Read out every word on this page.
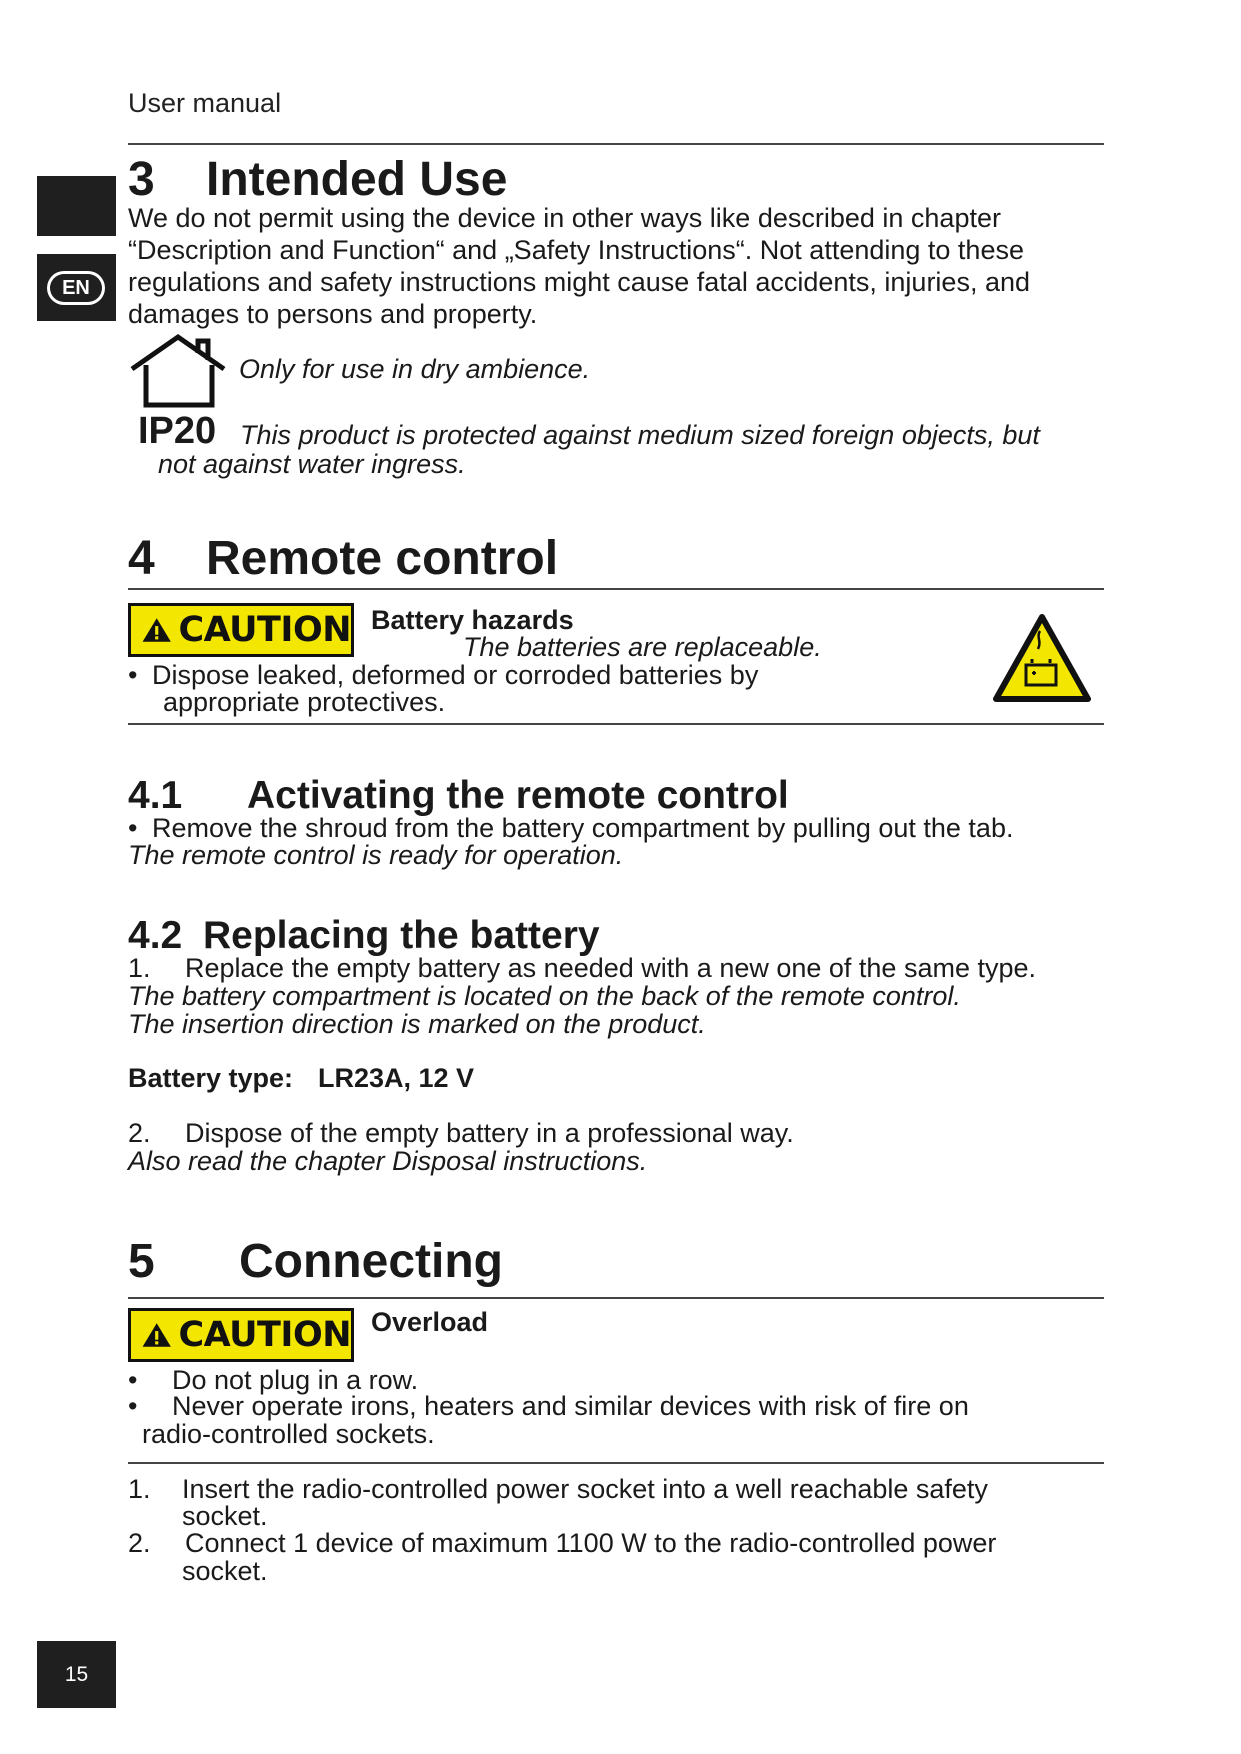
User manual
EN
15
3 Intended Use
We do not permit using the device in other ways like described in chapter
“Description and Function“ and „Safety Instructions“. Not attending to these
regulations and safety instructions might cause fatal accidents, injuries, and
damages to persons and property.
Only for use in dry ambience.
IP20 This product is protected against medium sized foreign objects, but
not against water ingress.
4 Remote control
CAUTION Battery hazards
The batteries are replaceable.
• Dispose leaked, deformed or corroded batteries by
appropriate protectives.
4.1 Activating the remote control
• Remove the shroud from the battery compartment by pulling out the tab.
The remote control is ready for operation.
4.2 Replacing the battery
1. Replace the empty battery as needed with a new one of the same type.
The battery compartment is located on the back of the remote control.
The insertion direction is marked on the product.
Battery type: LR23A, 12 V
2. Dispose of the empty battery in a professional way.
Also read the chapter Disposal instructions.
5 Connecting
CAUTION Overload
• Do not plug in a row.
• Never operate irons, heaters and similar devices with risk of fire on
radio-controlled sockets.
1. Insert the radio-controlled power socket into a well reachable safety
socket.
2. Connect 1 device of maximum 1100 W to the radio-controlled power
socket.
